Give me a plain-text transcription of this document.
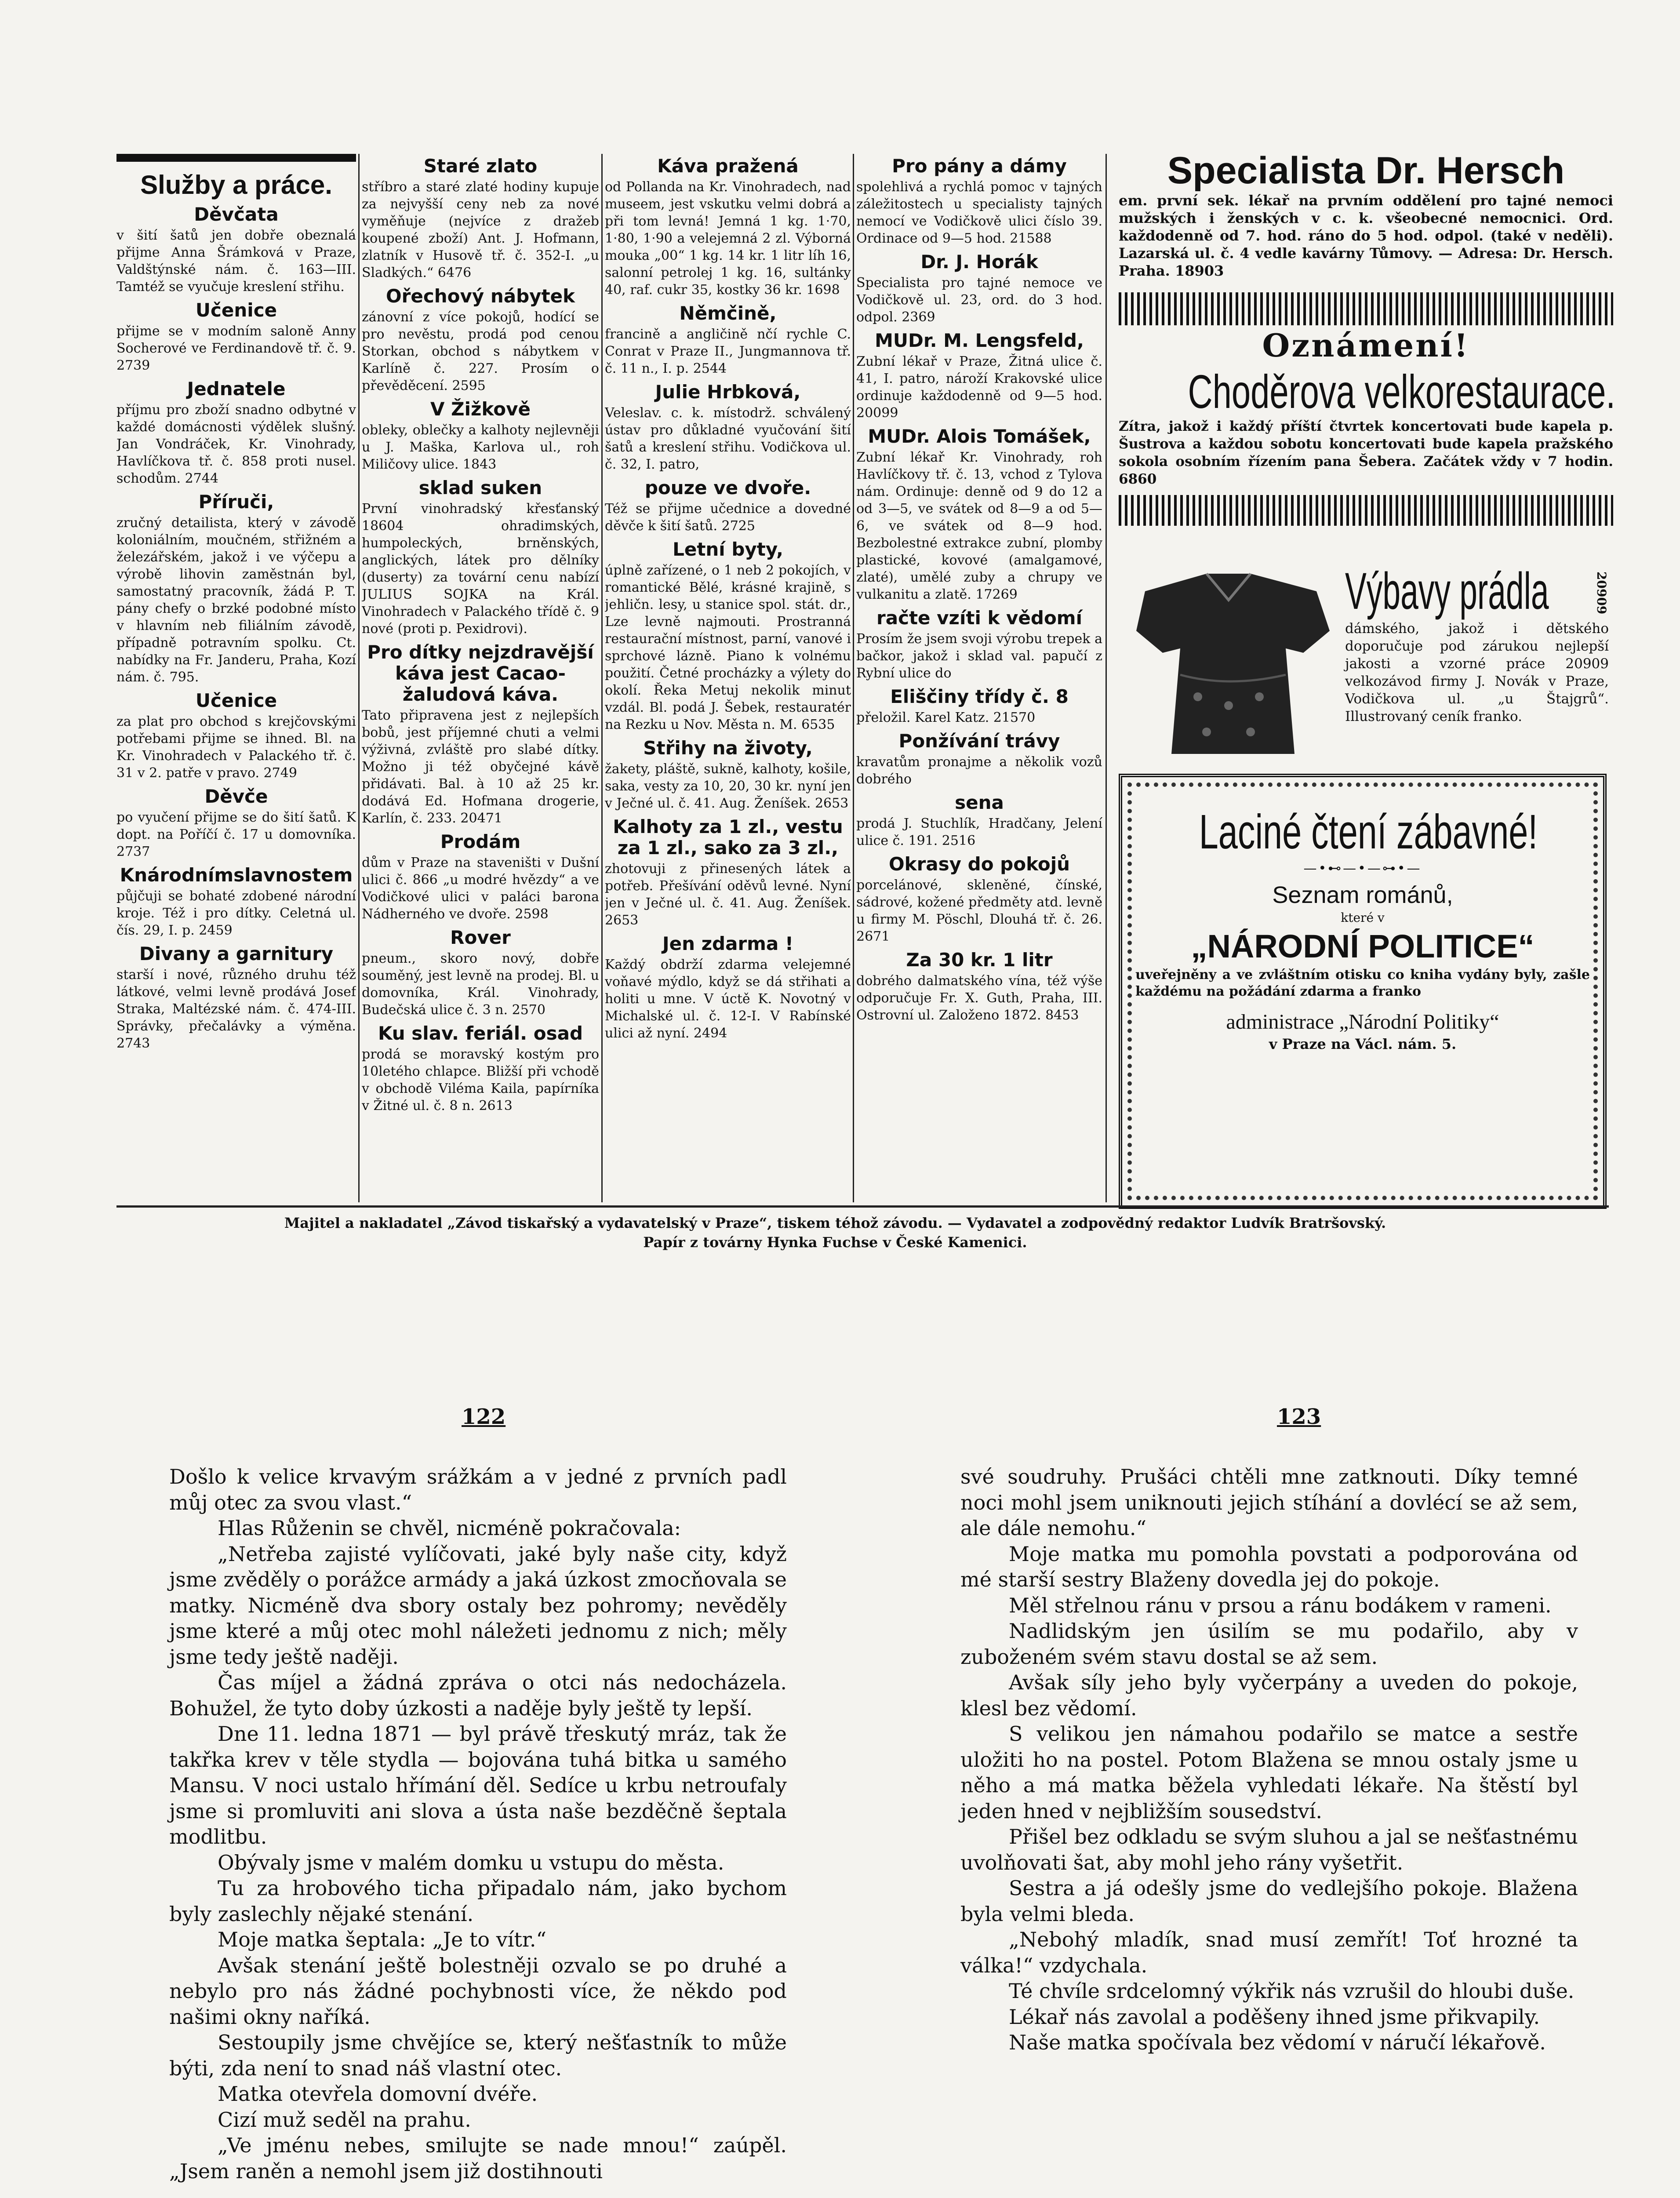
Služby a práce.
Děvčata

v šití šatů jen dobře obeznalá přijme Anna Šrámková v Praze, Valdštýnské nám. č. 163—III. Tamtéž se vyučuje kreslení střihu.

Učenice

přijme se v modním saloně Anny Socherové ve Ferdinandově tř. č. 9. 2739

Jednatele

příjmu pro zboží snadno odbytné v každé domácnosti výdělek slušný. Jan Vondráček, Kr. Vinohrady, Havlíčkova tř. č. 858 proti nusel. schodům. 2744

Příruči,

zručný detailista, který v závodě koloniálním, moučném, střižném a železářském, jakož i ve výčepu a výrobě lihovin zaměstnán byl, samostatný pracovník, žádá P. T. pány chefy o brzké podobné místo v hlavním neb filiálním závodě, případně potravním spolku. Ct. nabídky na Fr. Janderu, Praha, Kozí nám. č. 795.

Učenice

za plat pro obchod s krejčovskými potřebami přijme se ihned. Bl. na Kr. Vinohradech v Palackého tř. č. 31 v 2. patře v pravo. 2749

Děvče

po vyučení přijme se do šití šatů. K dopt. na Poříčí č. 17 u domovníka. 2737

Knárodnímslavnostem

půjčuji se bohaté zdobené národní kroje. Též i pro dítky. Celetná ul. čís. 29, I. p. 2459

Divany a garnitury

starší i nové, různého druhu též látkové, velmi levně prodává Josef Straka, Maltézské nám. č. 474-III. Správky, přečalávky a výměna. 2743

Staré zlato

stříbro a staré zlaté hodiny kupuje za nejvyšší ceny neb za nové vyměňuje (nejvíce z dražeb koupené zboží) Ant. J. Hofmann, zlatník v Husově tř. č. 352-I. „u Sladkých.“ 6476

Ořechový nábytek

zánovní z více pokojů, hodící se pro nevěstu, prodá pod cenou Storkan, obchod s nábytkem v Karlíně č. 227. Prosím o převěděcení. 2595

V Žižkově

obleky, oblečky a kalhoty nejlevněji u J. Maška, Karlova ul., roh Miličovy ulice. 1843

sklad suken

První vinohradský křesťanský 18604 ohradimských, humpoleckých, brněnských, anglických, látek pro dělníky (duserty) za tovární cenu nabízí JULIUS SOJKA na Král. Vinohradech v Palackého třídě č. 9 nové (proti p. Pexidrovi).

Pro dítky nejzdravější káva jest Cacao-žaludová káva.

Tato připravena jest z nejlepších bobů, jest příjemné chuti a velmi výživná, zvláště pro slabé dítky. Možno ji též obyčejné kávě přidávati. Bal. à 10 až 25 kr. dodává Ed. Hofmana drogerie, Karlín, č. 233. 20471

Prodám

dům v Praze na staveništi v Dušní ulici č. 866 „u modré hvězdy“ a ve Vodičkové ulici v paláci barona Nádherného ve dvoře. 2598

Rover

pneum., skoro nový, dobře souměný, jest levně na prodej. Bl. u domovníka, Král. Vinohrady, Budečská ulice č. 3 n. 2570

Ku slav. feriál. osad

prodá se moravský kostým pro 10letého chlapce. Bližší při vchodě v obchodě Viléma Kaila, papírníka v Žitné ul. č. 8 n. 2613

Káva pražená

od Pollanda na Kr. Vinohradech, nad museem, jest vskutku velmi dobrá a při tom levná! Jemná 1 kg. 1·70, 1·80, 1·90 a velejemná 2 zl. Výborná mouka „00“ 1 kg. 14 kr. 1 litr líh 16, salonní petrolej 1 kg. 16, sultánky 40, raf. cukr 35, kostky 36 kr. 1698

Němčině,

francině a angličině nčí rychle C. Conrat v Praze II., Jungmannova tř. č. 11 n., I. p. 2544

Julie Hrbková,

Veleslav. c. k. místodrž. schválený ústav pro důkladné vyučování šití šatů a kreslení střihu. Vodičkova ul. č. 32, I. patro,

pouze ve dvoře.

Též se přijme učednice a dovedné děvče k šití šatů. 2725

Letní byty,

úplně zařízené, o 1 neb 2 pokojích, v romantické Bělé, krásné krajině, s jehličn. lesy, u stanice spol. stát. dr., Lze levně najmouti. Prostranná restaurační místnost, parní, vanové i sprchové lázně. Piano k volnému použití. Četné procházky a výlety do okolí. Řeka Metuj nekolik minut vzdál. Bl. podá J. Šebek, restauratér na Rezku u Nov. Města n. M. 6535

Střihy na životy,

žakety, pláště, sukně, kalhoty, košile, saka, vesty za 10, 20, 30 kr. nyní jen v Ječné ul. č. 41. Aug. Ženíšek. 2653

Kalhoty za 1 zl., vestu za 1 zl., sako za 3 zl.,

zhotovuji z přinesených látek a potřeb. Přešívání oděvů levné. Nyní jen v Ječné ul. č. 41. Aug. Ženíšek. 2653

Jen zdarma !

Každý obdrží zdarma velejemné voňavé mýdlo, když se dá střihati a holiti u mne. V úctě K. Novotný v Michalské ul. č. 12-I. V Rabínské ulici až nyní. 2494

Pro pány a dámy

spolehlivá a rychlá pomoc v tajných záležitostech u specialisty tajných nemocí ve Vodičkově ulici číslo 39. Ordinace od 9—5 hod. 21588

Dr. J. Horák

Specialista pro tajné nemoce ve Vodičkově ul. 23, ord. do 3 hod. odpol. 2369

MUDr. M. Lengsfeld,

Zubní lékař v Praze, Žitná ulice č. 41, I. patro, nároží Krakovské ulice ordinuje každodenně od 9—5 hod. 20099

MUDr. Alois Tomášek,

Zubní lékař Kr. Vinohrady, roh Havlíčkovy tř. č. 13, vchod z Tylova nám. Ordinuje: denně od 9 do 12 a od 3—5, ve svátek od 8—9 a od 5—6, ve svátek od 8—9 hod. Bezbolestné extrakce zubní, plomby plastické, kovové (amalgamové, zlaté), umělé zuby a chrupy ve vulkanitu a zlatě. 17269

račte vzíti k vědomí

Prosím že jsem svoji výrobu trepek a bačkor, jakož i sklad val. papučí z Rybní ulice do

Eliščiny třídy č. 8

přeložil. Karel Katz. 21570

Ponžívání trávy

kravatům pronajme a několik vozů dobrého

sena

prodá J. Stuchlík, Hradčany, Jelení ulice č. 191. 2516

Okrasy do pokojů

porcelánové, skleněné, čínské, sádrové, kožené předměty atd. levně u firmy M. Pöschl, Dlouhá tř. č. 26. 2671

Za 30 kr. 1 litr

dobrého dalmatského vína, též výše odporučuje Fr. X. Guth, Praha, III. Ostrovní ul. Založeno 1872. 8453

Specialista Dr. Hersch
em. první sek. lékař na prvním oddělení pro tajné nemoci mužských i ženských v c. k. všeobecné nemocnici. Ord. každodenně od 7. hod. ráno do 5 hod. odpol. (také v neděli). Lazarská ul. č. 4 vedle kavárny Tůmovy. — Adresa: Dr. Hersch. Praha. 18903
Oznámení!
Choděrova velkorestaurace.
Zítra, jakož i každý příští čtvrtek koncertovati bude kapela p. Šustrova a každou sobotu koncertovati bude kapela pražského sokola osobním řízením pana Šebera. Začátek vždy v 7 hodin. 6860
Výbavy prádla
dámského, jakož i dětského doporučuje pod zárukou nejlepší jakosti a vzorné práce 20909 velkozávod firmy J. Novák v Praze, Vodičkova ul. „u Štajgrů“. Illustrovaný ceník franko.
20909
Laciné čtení zábavné!
—•⊷—•—⊶•—
Seznam románů,
které v
„NÁRODNÍ POLITICE“
uveřejněny a ve zvláštním otisku co kniha vydány byly, zašle každému na požádání zdarma a franko
administrace „Národní Politiky“
v Praze na Václ. nám. 5.
Majitel a nakladatel „Závod tiskařský a vydavatelský v Praze“, tiskem téhož závodu. — Vydavatel a zodpovědný redaktor Ludvík Bratršovský.
Papír z továrny Hynka Fuchse v České Kamenici.
122	123

Došlo k velice krvavým srážkám a v jedné z prvních padl můj otec za svou vlast.“

Hlas Růženin se chvěl, nicméně pokračovala:

„Netřeba zajisté vylíčovati, jaké byly naše city, když jsme zvěděly o porážce armády a jaká úzkost zmocňovala se matky. Nicméně dva sbory ostaly bez pohromy; nevěděly jsme které a můj otec mohl náležeti jednomu z nich; měly jsme tedy ještě naději.

Čas míjel a žádná zpráva o otci nás nedocházela. Bohužel, že tyto doby úzkosti a naděje byly ještě ty lepší.

Dne 11. ledna 1871 — byl právě třeskutý mráz, tak že takřka krev v těle stydla — bojována tuhá bitka u samého Mansu. V noci ustalo hřímání děl. Sedíce u krbu netroufaly jsme si promluviti ani slova a ústa naše bezděčně šeptala modlitbu.

Obývaly jsme v malém domku u vstupu do města.

Tu za hrobového ticha připadalo nám, jako bychom byly zaslechly nějaké stenání.

Moje matka šeptala: „Je to vítr.“

Avšak stenání ještě bolestněji ozvalo se po druhé a nebylo pro nás žádné pochybnosti více, že někdo pod našimi okny naříká.

Sestoupily jsme chvějíce se, který nešťastník to může býti, zda není to snad náš vlastní otec.

Matka otevřela domovní dvéře.

Cizí muž seděl na prahu.

„Ve jménu nebes, smilujte se nade mnou!“ zaúpěl. „Jsem raněn a nemohl jsem již dostihnouti

své soudruhy. Prušáci chtěli mne zatknouti. Díky temné noci mohl jsem uniknouti jejich stíhání a dovlécí se až sem, ale dále nemohu.“

Moje matka mu pomohla povstati a podporována od mé starší sestry Blaženy dovedla jej do pokoje.

Měl střelnou ránu v prsou a ránu bodákem v rameni.

Nadlidským jen úsilím se mu podařilo, aby v zuboženém svém stavu dostal se až sem.

Avšak síly jeho byly vyčerpány a uveden do pokoje, klesl bez vědomí.

S velikou jen námahou podařilo se matce a sestře uložiti ho na postel. Potom Blažena se mnou ostaly jsme u něho a má matka běžela vyhledati lékaře. Na štěstí byl jeden hned v nejbližším sousedství.

Přišel bez odkladu se svým sluhou a jal se nešťastnému uvolňovati šat, aby mohl jeho rány vyšetřit.

Sestra a já odešly jsme do vedlejšího pokoje. Blažena byla velmi bleda.

„Nebohý mladík, snad musí zemřít! Toť hrozné ta válka!“ vzdychala.

Té chvíle srdcelomný výkřik nás vzrušil do hloubi duše.

Lékař nás zavolal a poděšeny ihned jsme přikvapily.

Naše matka spočívala bez vědomí v náručí lékařově.
